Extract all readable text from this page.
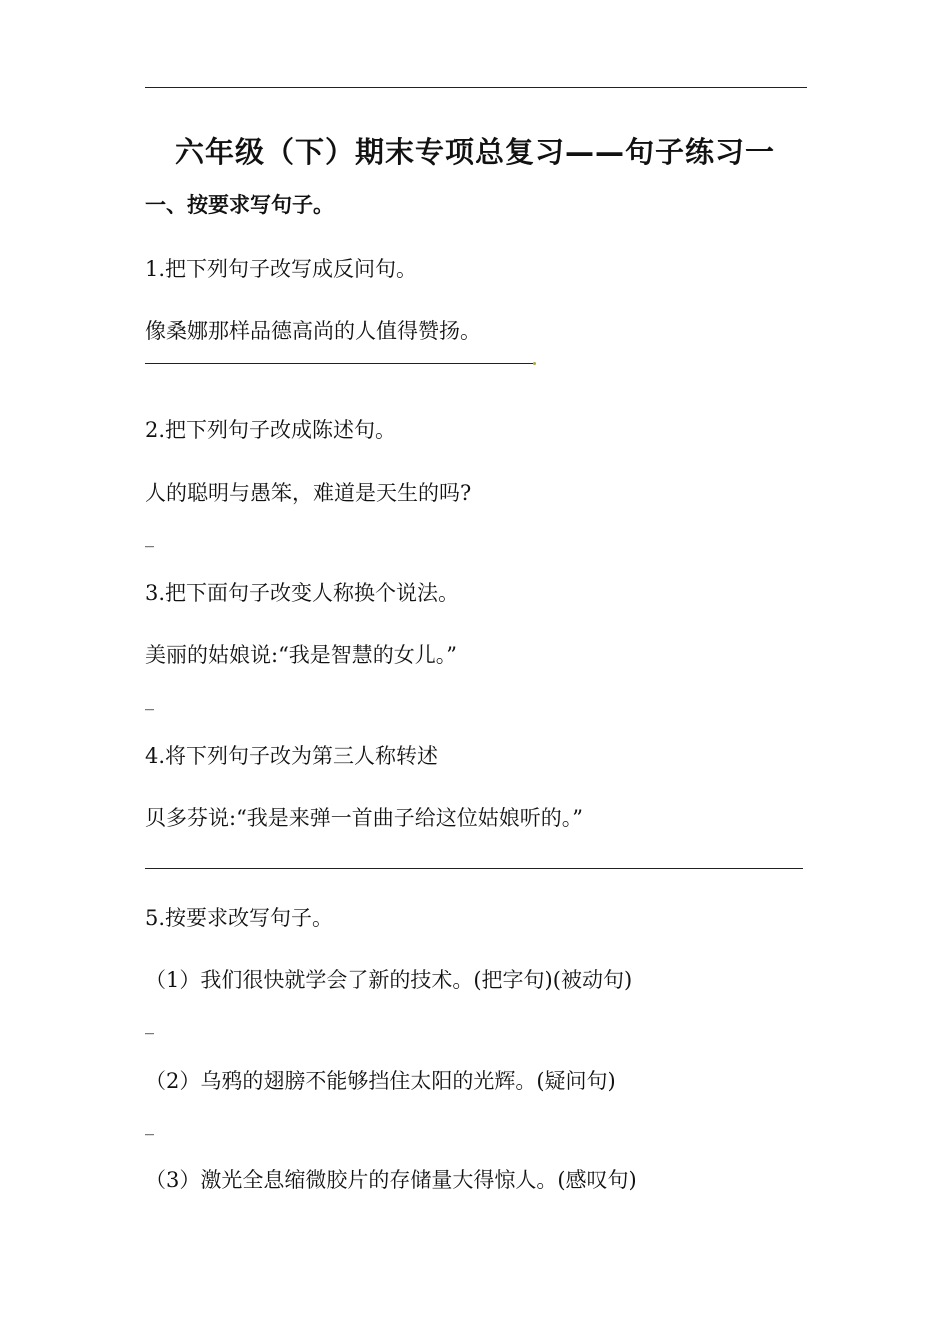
六年级（下）期末专项总复习——句子练习一
一、按要求写句子。
1.把下列句子改写成反问句。
像桑娜那样品德高尚的人值得赞扬。
2.把下列句子改成陈述句。
人的聪明与愚笨，难道是天生的吗?
_
3.把下面句子改变人称换个说法。
美丽的姑娘说:“我是智慧的女儿。”
_
4.将下列句子改为第三人称转述
贝多芬说:“我是来弹一首曲子给这位姑娘听的。”
5.按要求改写句子。
（1）我们很快就学会了新的技术。(把字句)(被动句)
_
（2）乌鸦的翅膀不能够挡住太阳的光辉。(疑问句)
_
（3）激光全息缩微胶片的存储量大得惊人。(感叹句)
